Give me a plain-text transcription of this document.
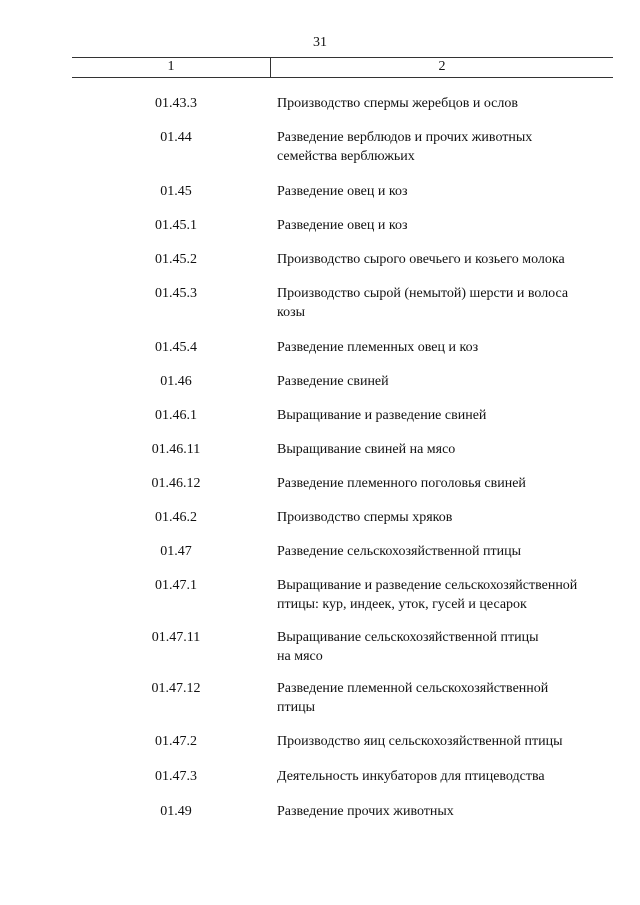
31
1	2
01.43.3	Производство спермы жеребцов и ослов
01.44	Разведение верблюдов и прочих животных
семейства верблюжьих
01.45	Разведение овец и коз
01.45.1	Разведение овец и коз
01.45.2	Производство сырого овечьего и козьего молока
01.45.3	Производство сырой (немытой) шерсти и волоса
козы
01.45.4	Разведение племенных овец и коз
01.46	Разведение свиней
01.46.1	Выращивание и разведение свиней
01.46.11	Выращивание свиней на мясо
01.46.12	Разведение племенного поголовья свиней
01.46.2	Производство спермы хряков
01.47	Разведение сельскохозяйственной птицы
01.47.1	Выращивание и разведение сельскохозяйственной
птицы: кур, индеек, уток, гусей и цесарок
01.47.11	Выращивание сельскохозяйственной птицы
на мясо
01.47.12	Разведение племенной сельскохозяйственной
птицы
01.47.2	Производство яиц сельскохозяйственной птицы
01.47.3	Деятельность инкубаторов для птицеводства
01.49	Разведение прочих животных
